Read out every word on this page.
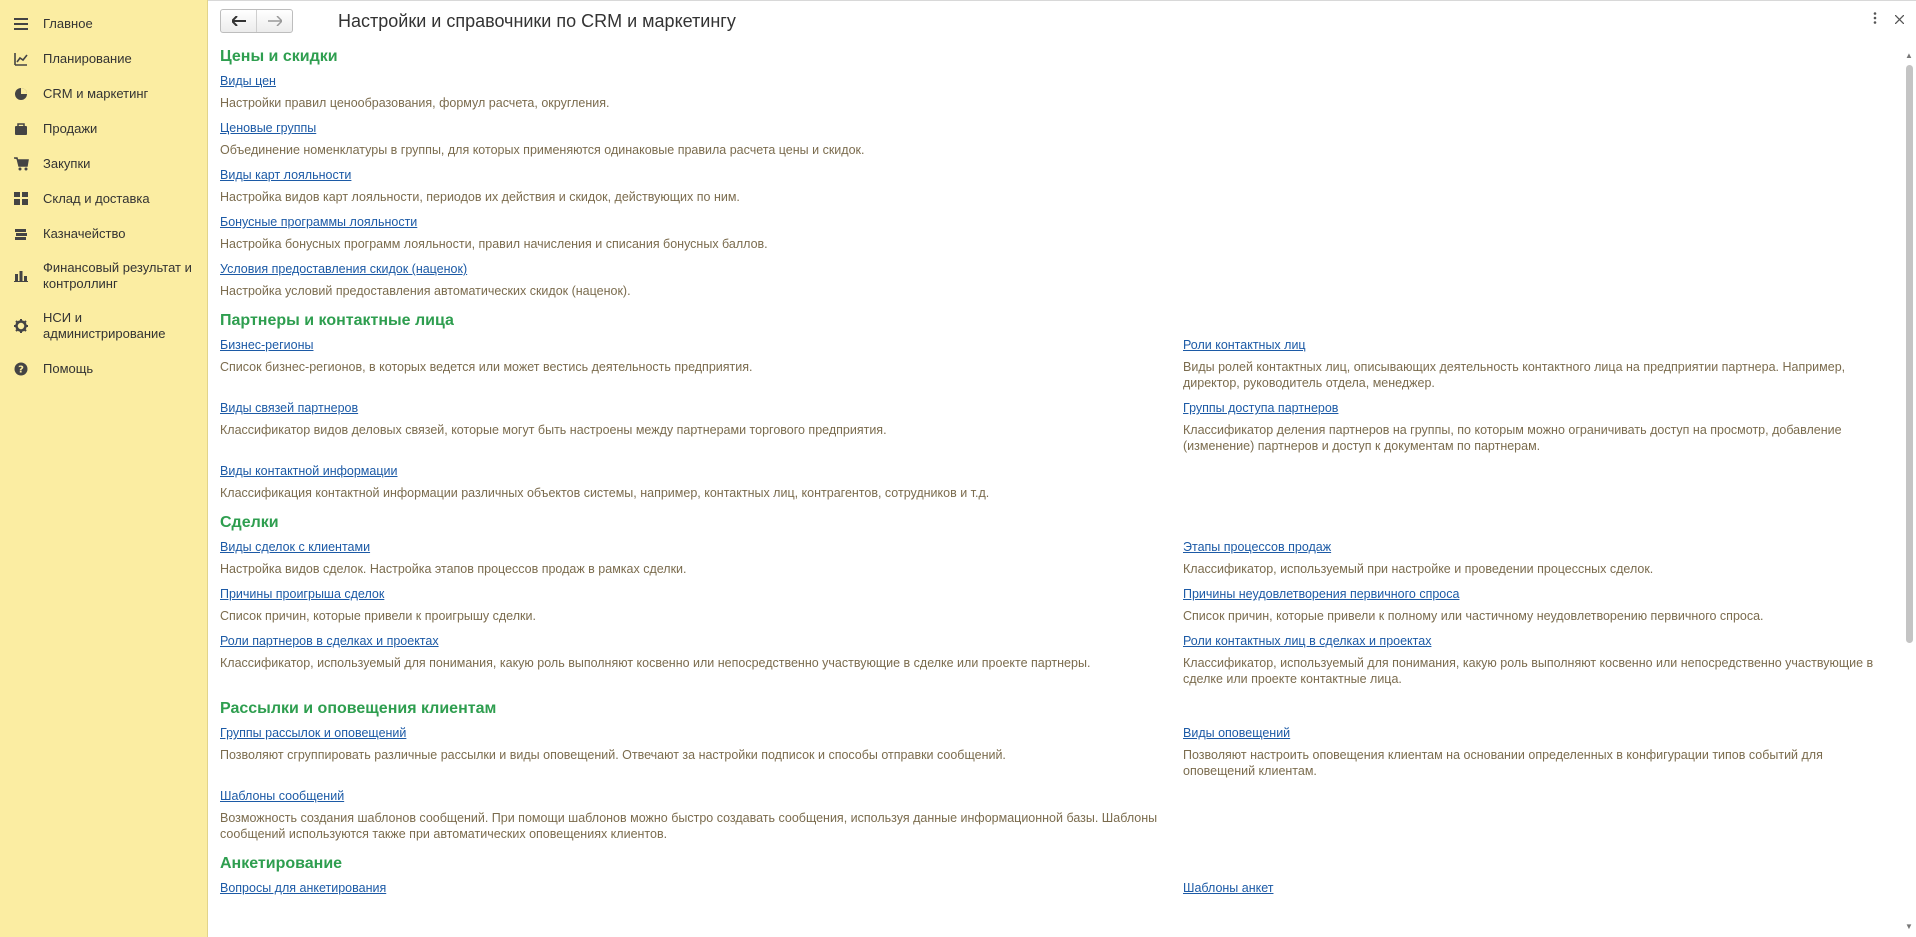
Главное
Планирование
CRM и маркетинг
Продажи
Закупки
Склад и доставка
Казначейство
Финансовый результат и контроллинг
НСИ и администрирование
? Помощь
Настройки и справочники по CRM и маркетингу
Цены и скидки
Виды цен
Настройки правил ценообразования, формул расчета, округления.
Ценовые группы
Объединение номенклатуры в группы, для которых применяются одинаковые правила расчета цены и скидок.
Виды карт лояльности
Настройка видов карт лояльности, периодов их действия и скидок, действующих по ним.
Бонусные программы лояльности
Настройка бонусных программ лояльности, правил начисления и списания бонусных баллов.
Условия предоставления скидок (наценок)
Настройка условий предоставления автоматических скидок (наценок).
Партнеры и контактные лица
Бизнес-регионы
Список бизнес-регионов, в которых ведется или может вестись деятельность предприятия.
Виды связей партнеров
Классификатор видов деловых связей, которые могут быть настроены между партнерами торгового предприятия.
Виды контактной информации
Классификация контактной информации различных объектов системы, например, контактных лиц, контрагентов, сотрудников и т.д.
Роли контактных лиц
Виды ролей контактных лиц, описывающих деятельность контактного лица на предприятии партнера. Например, директор, руководитель отдела, менеджер.
Группы доступа партнеров
Классификатор деления партнеров на группы, по которым можно ограничивать доступ на просмотр, добавление (изменение) партнеров и доступ к документам по партнерам.
Сделки
Виды сделок с клиентами
Настройка видов сделок. Настройка этапов процессов продаж в рамках сделки.
Причины проигрыша сделок
Список причин, которые привели к проигрышу сделки.
Роли партнеров в сделках и проектах
Классификатор, используемый для понимания, какую роль выполняют косвенно или непосредственно участвующие в сделке или проекте партнеры.
Этапы процессов продаж
Классификатор, используемый при настройке и проведении процессных сделок.
Причины неудовлетворения первичного спроса
Список причин, которые привели к полному или частичному неудовлетворению первичного спроса.
Роли контактных лиц в сделках и проектах
Классификатор, используемый для понимания, какую роль выполняют косвенно или непосредственно участвующие в сделке или проекте контактные лица.
Рассылки и оповещения клиентам
Группы рассылок и оповещений
Позволяют сгруппировать различные рассылки и виды оповещений. Отвечают за настройки подписок и способы отправки сообщений.
Шаблоны сообщений
Возможность создания шаблонов сообщений. При помощи шаблонов можно быстро создавать сообщения, используя данные информационной базы. Шаблоны сообщений используются также при автоматических оповещениях клиентов.
Виды оповещений
Позволяют настроить оповещения клиентам на основании определенных в конфигурации типов событий для оповещений клиентам.
Анкетирование
Вопросы для анкетирования	Шаблоны анкет
▲
▼
